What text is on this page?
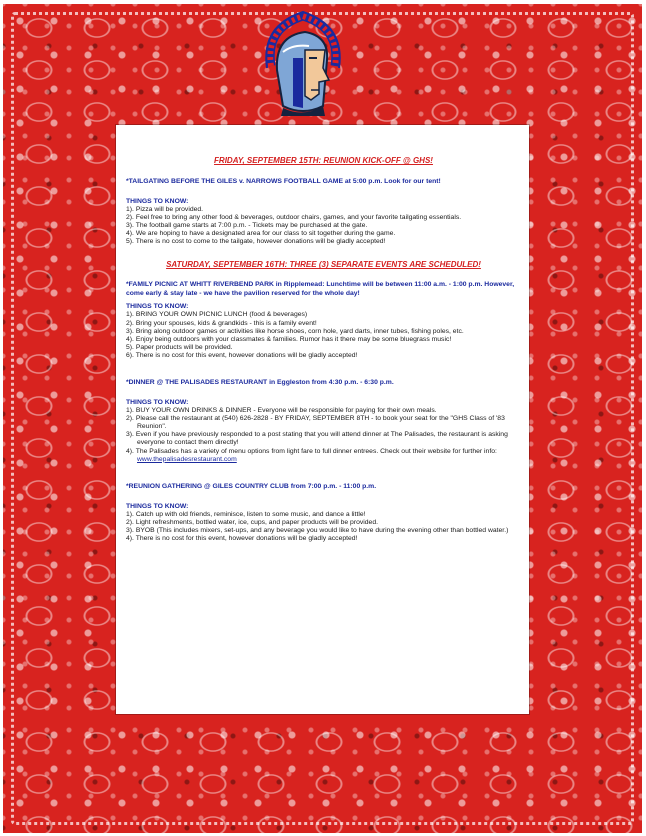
FRIDAY, SEPTEMBER 15TH: REUNION KICK-OFF @ GHS!
*TAILGATING BEFORE THE GILES v. NARROWS FOOTBALL GAME at 5:00 p.m. Look for our tent!
THINGS TO KNOW:
1). Pizza will be provided.
2). Feel free to bring any other food & beverages, outdoor chairs, games, and your favorite tailgating essentials.
3). The football game starts at 7:00 p.m. - Tickets may be purchased at the gate.
4). We are hoping to have a designated area for our class to sit together during the game.
5). There is no cost to come to the tailgate, however donations will be gladly accepted!
SATURDAY, SEPTEMBER 16TH: THREE (3) SEPARATE EVENTS ARE SCHEDULED!
*FAMILY PICNIC AT WHITT RIVERBEND PARK in Ripplemead: Lunchtime will be between 11:00 a.m. - 1:00 p.m. However, come early & stay late - we have the pavilion reserved for the whole day!
THINGS TO KNOW:
1). BRING YOUR OWN PICNIC LUNCH (food & beverages)
2). Bring your spouses, kids & grandkids - this is a family event!
3). Bring along outdoor games or activities like horse shoes, corn hole, yard darts, inner tubes, fishing poles, etc.
4). Enjoy being outdoors with your classmates & families. Rumor has it there may be some bluegrass music!
5). Paper products will be provided.
6). There is no cost for this event, however donations will be gladly accepted!
*DINNER @ THE PALISADES RESTAURANT in Eggleston from 4:30 p.m. - 6:30 p.m.
THINGS TO KNOW:
1). BUY YOUR OWN DRINKS & DINNER - Everyone will be responsible for paying for their own meals.
2). Please call the restaurant at (540) 626-2828 - BY FRIDAY, SEPTEMBER 8TH - to book your seat for the "GHS Class of '83 Reunion".
3). Even if you have previously responded to a post stating that you will attend dinner at The Palisades, the restaurant is asking everyone to contact them directly!
4). The Palisades has a variety of menu options from light fare to full dinner entrees. Check out their website for further info: www.thepalisadesrestaurant.com
*REUNION GATHERING @ GILES COUNTRY CLUB from 7:00 p.m. - 11:00 p.m.
THINGS TO KNOW:
1). Catch up with old friends, reminisce, listen to some music, and dance a little!
2). Light refreshments, bottled water, ice, cups, and paper products will be provided.
3). BYOB (This includes mixers, set-ups, and any beverage you would like to have during the evening other than bottled water.)
4). There is no cost for this event, however donations will be gladly accepted!
